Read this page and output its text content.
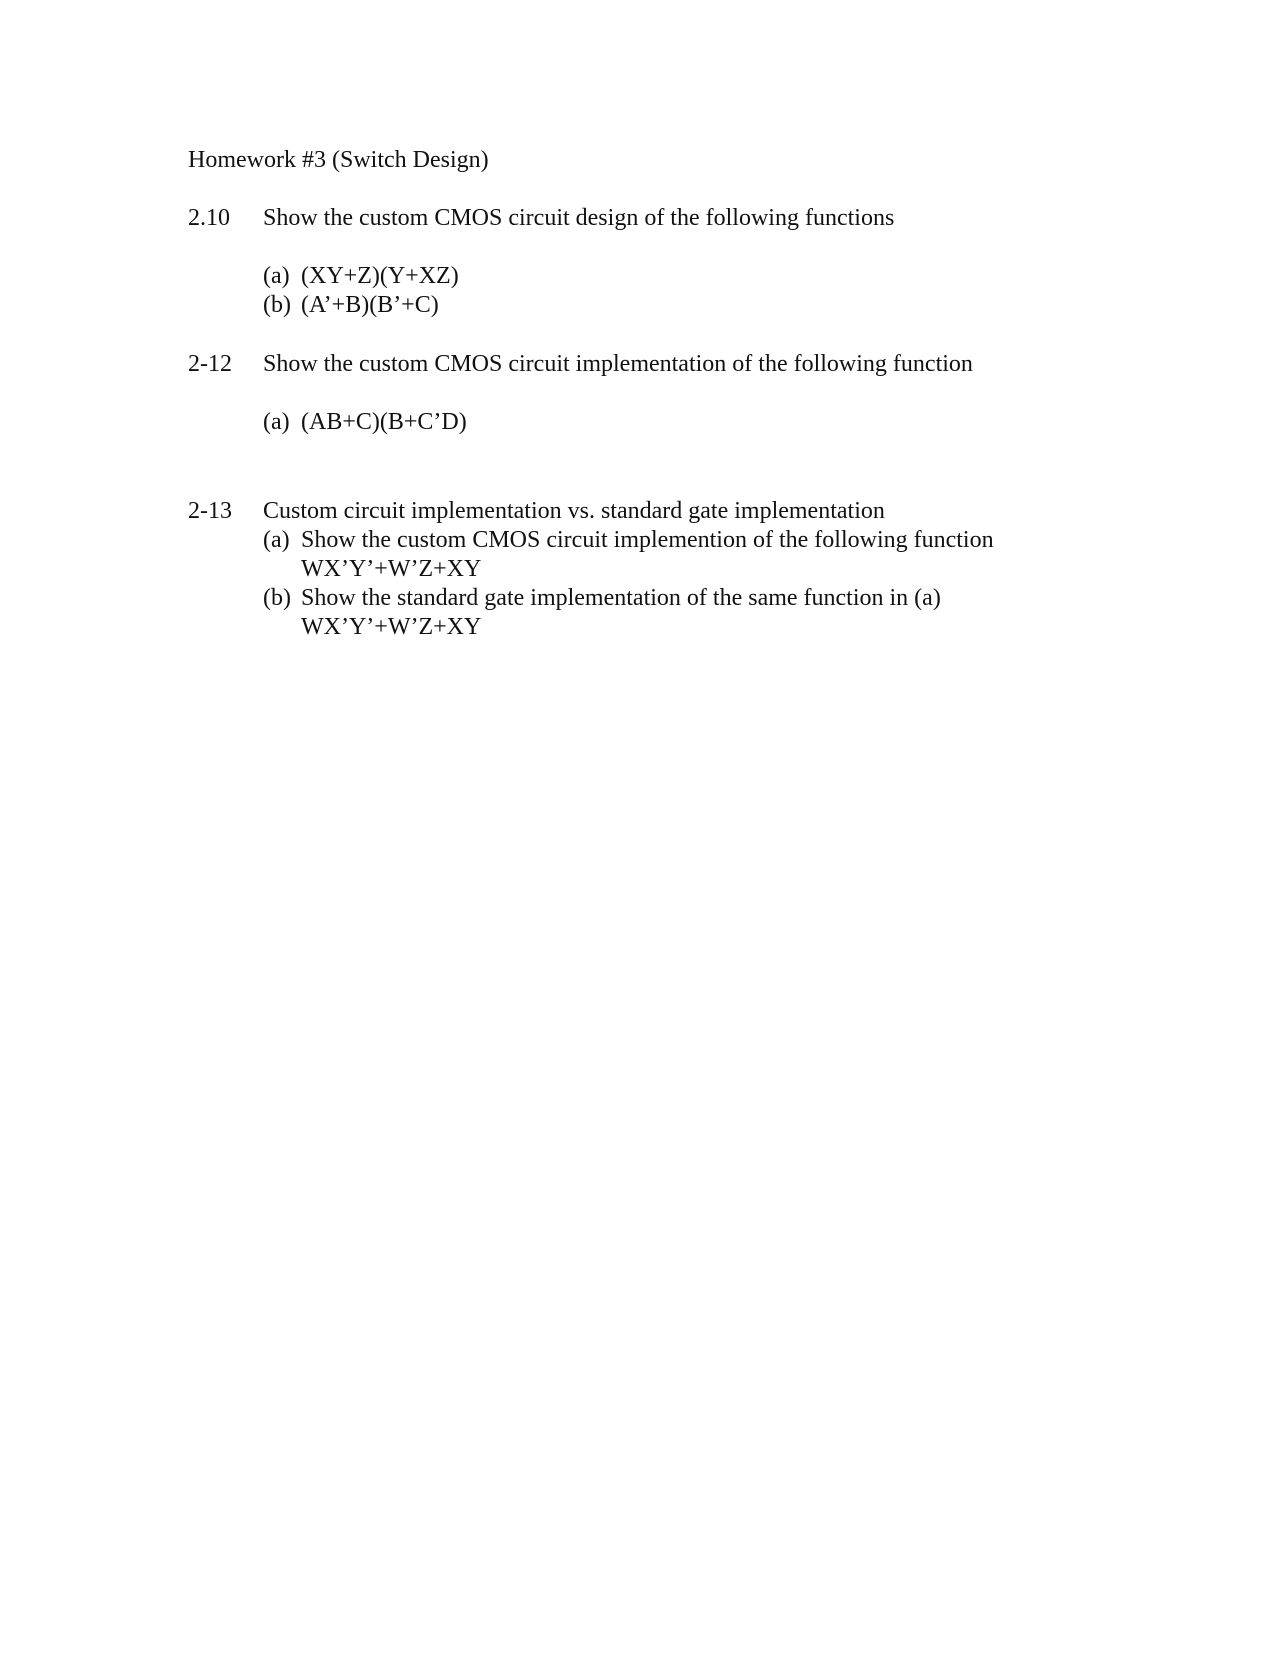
Homework #3 (Switch Design)
2.10	Show the custom CMOS circuit design of the following functions

(a) (XY+Z)(Y+XZ)
(b) (A’+B)(B’+C)
2-12	Show the custom CMOS circuit implementation of the following function

(a) (AB+C)(B+C’D)
2-13	Custom circuit implementation vs. standard gate implementation

(a) Show the custom CMOS circuit implemention of the following function
WX’Y’+W’Z+XY
(b) Show the standard gate implementation of the same function in (a)
WX’Y’+W’Z+XY
